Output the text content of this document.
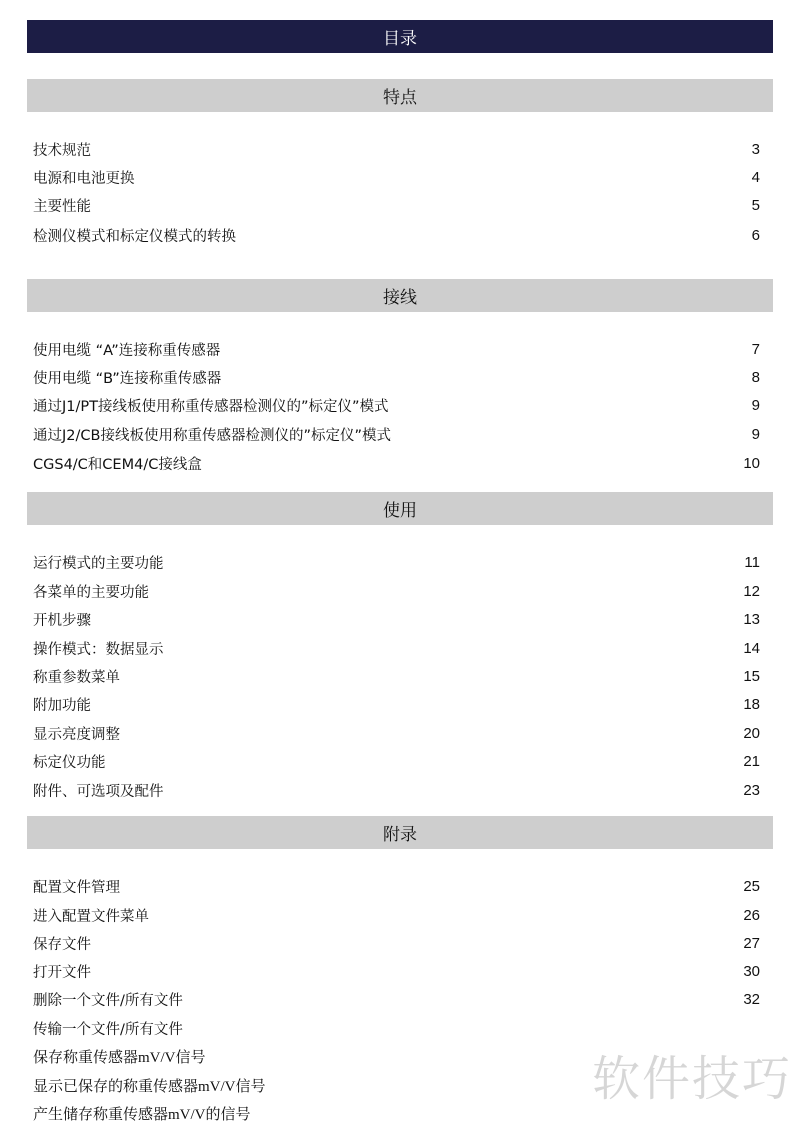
目录
特点
技术规范	3
电源和电池更换	4
主要性能	5
检测仪模式和标定仪模式的转换	6
接线
使用电缆 “A”连接称重传感器	7
使用电缆 “B”连接称重传感器	8
通过J1/PT接线板使用称重传感器检测仪的”标定仪”模式	9
通过J2/CB接线板使用称重传感器检测仪的”标定仪”模式	9
CGS4/C和CEM4/C接线盒	10
使用
运行模式的主要功能	11
各菜单的主要功能	12
开机步骤	13
操作模式：数据显示	14
称重参数菜单	15
附加功能	18
显示亮度调整	20
标定仪功能	21
附件、可选项及配件	23
附录
配置文件管理	25
进入配置文件菜单	26
保存文件	27
打开文件	30
删除一个文件/所有文件	32
传输一个文件/所有文件
保存称重传感器mV/V信号
显示已保存的称重传感器mV/V信号
产生储存称重传感器mV/V的信号
软件技巧
